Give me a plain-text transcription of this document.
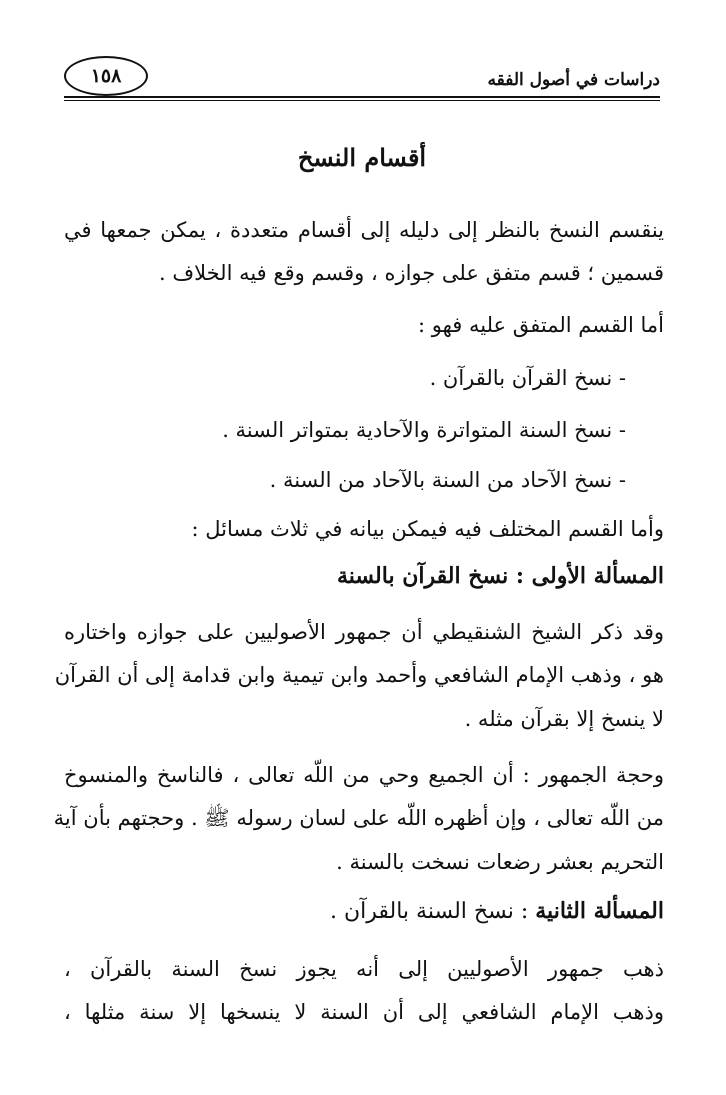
دراسات في أصول الفقه
١٥٨
أقسام النسخ
ينقسم النسخ بالنظر إلى دليله إلى أقسام متعددة ، يمكن جمعها في
قسمين ؛ قسم متفق على جوازه ، وقسم وقع فيه الخلاف .
أما القسم المتفق عليه فهو :
- نسخ القرآن بالقرآن .
- نسخ السنة المتواترة والآحادية بمتواتر السنة .
- نسخ الآحاد من السنة بالآحاد من السنة .
وأما القسم المختلف فيه فيمكن بيانه في ثلاث مسائل :
المسألة الأولى : نسخ القرآن بالسنة
وقد ذكر الشيخ الشنقيطي أن جمهور الأصوليين على جوازه واختاره
هو ، وذهب الإمام الشافعي وأحمد وابن تيمية وابن قدامة إلى أن القرآن
لا ينسخ إلا بقرآن مثله .
وحجة الجمهور : أن الجميع وحي من اللّه تعالى ، فالناسخ والمنسوخ
من اللّه تعالى ، وإن أظهره اللّه على لسان رسوله ﷺ . وحجتهم بأن آية
التحريم بعشر رضعات نسخت بالسنة .
المسألة الثانية : نسخ السنة بالقرآن .
ذهب جمهور الأصوليين إلى أنه يجوز نسخ السنة بالقرآن ،
وذهب الإمام الشافعي إلى أن السنة لا ينسخها إلا سنة مثلها ،
